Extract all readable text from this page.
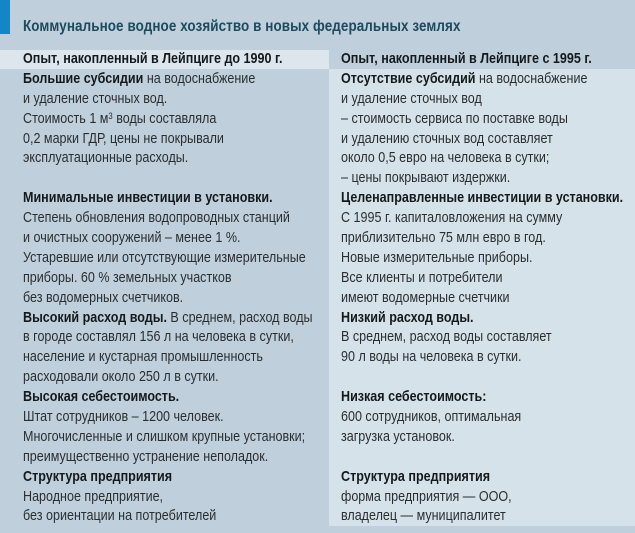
Коммунальное водное хозяйство в новых федеральных землях
Опыт, накопленный в Лейпциге до 1990 г.
Большие субсидии на водоснабжение
и удаление сточных вод.
Стоимость 1 $м^3$ воды составляла
0,2 марки ГДР, цены не покрывали
эксплуатационные расходы.
Минимальные инвестиции в установки.
Степень обновления водопроводных станций
и очистных сооружений – менее 1 %.
Устаревшие или отсутствующие измерительные
приборы. 60 % земельных участков
без водомерных счетчиков.
Высокий расход воды. В среднем, расход воды
в городе составлял 156 л на человека в сутки,
население и кустарная промышленность
расходовали около 250 л в сутки.
Высокая себестоимость.
Штат сотрудников – 1200 человек.
Многочисленные и слишком крупные установки;
преимущественно устранение неполадок.
Структура предприятия
Народное предприятие,
без ориентации на потребителей
Опыт, накопленный в Лейпциге с 1995 г.
Отсутствие субсидий на водоснабжение
и удаление сточных вод
– стоимость сервиса по поставке воды
и удалению сточных вод составляет
около 0,5 евро на человека в сутки;
– цены покрывают издержки.
Целенаправленные инвестиции в установки.
С 1995 г. капиталовложения на сумму
приблизительно 75 млн евро в год.
Новые измерительные приборы.
Все клиенты и потребители
имеют водомерные счетчики
Низкий расход воды.
В среднем, расход воды составляет
90 л воды на человека в сутки.
Низкая себестоимость:
600 сотрудников, оптимальная
загрузка установок.
Структура предприятия
форма предприятия — ООО,
владелец — муниципалитет
